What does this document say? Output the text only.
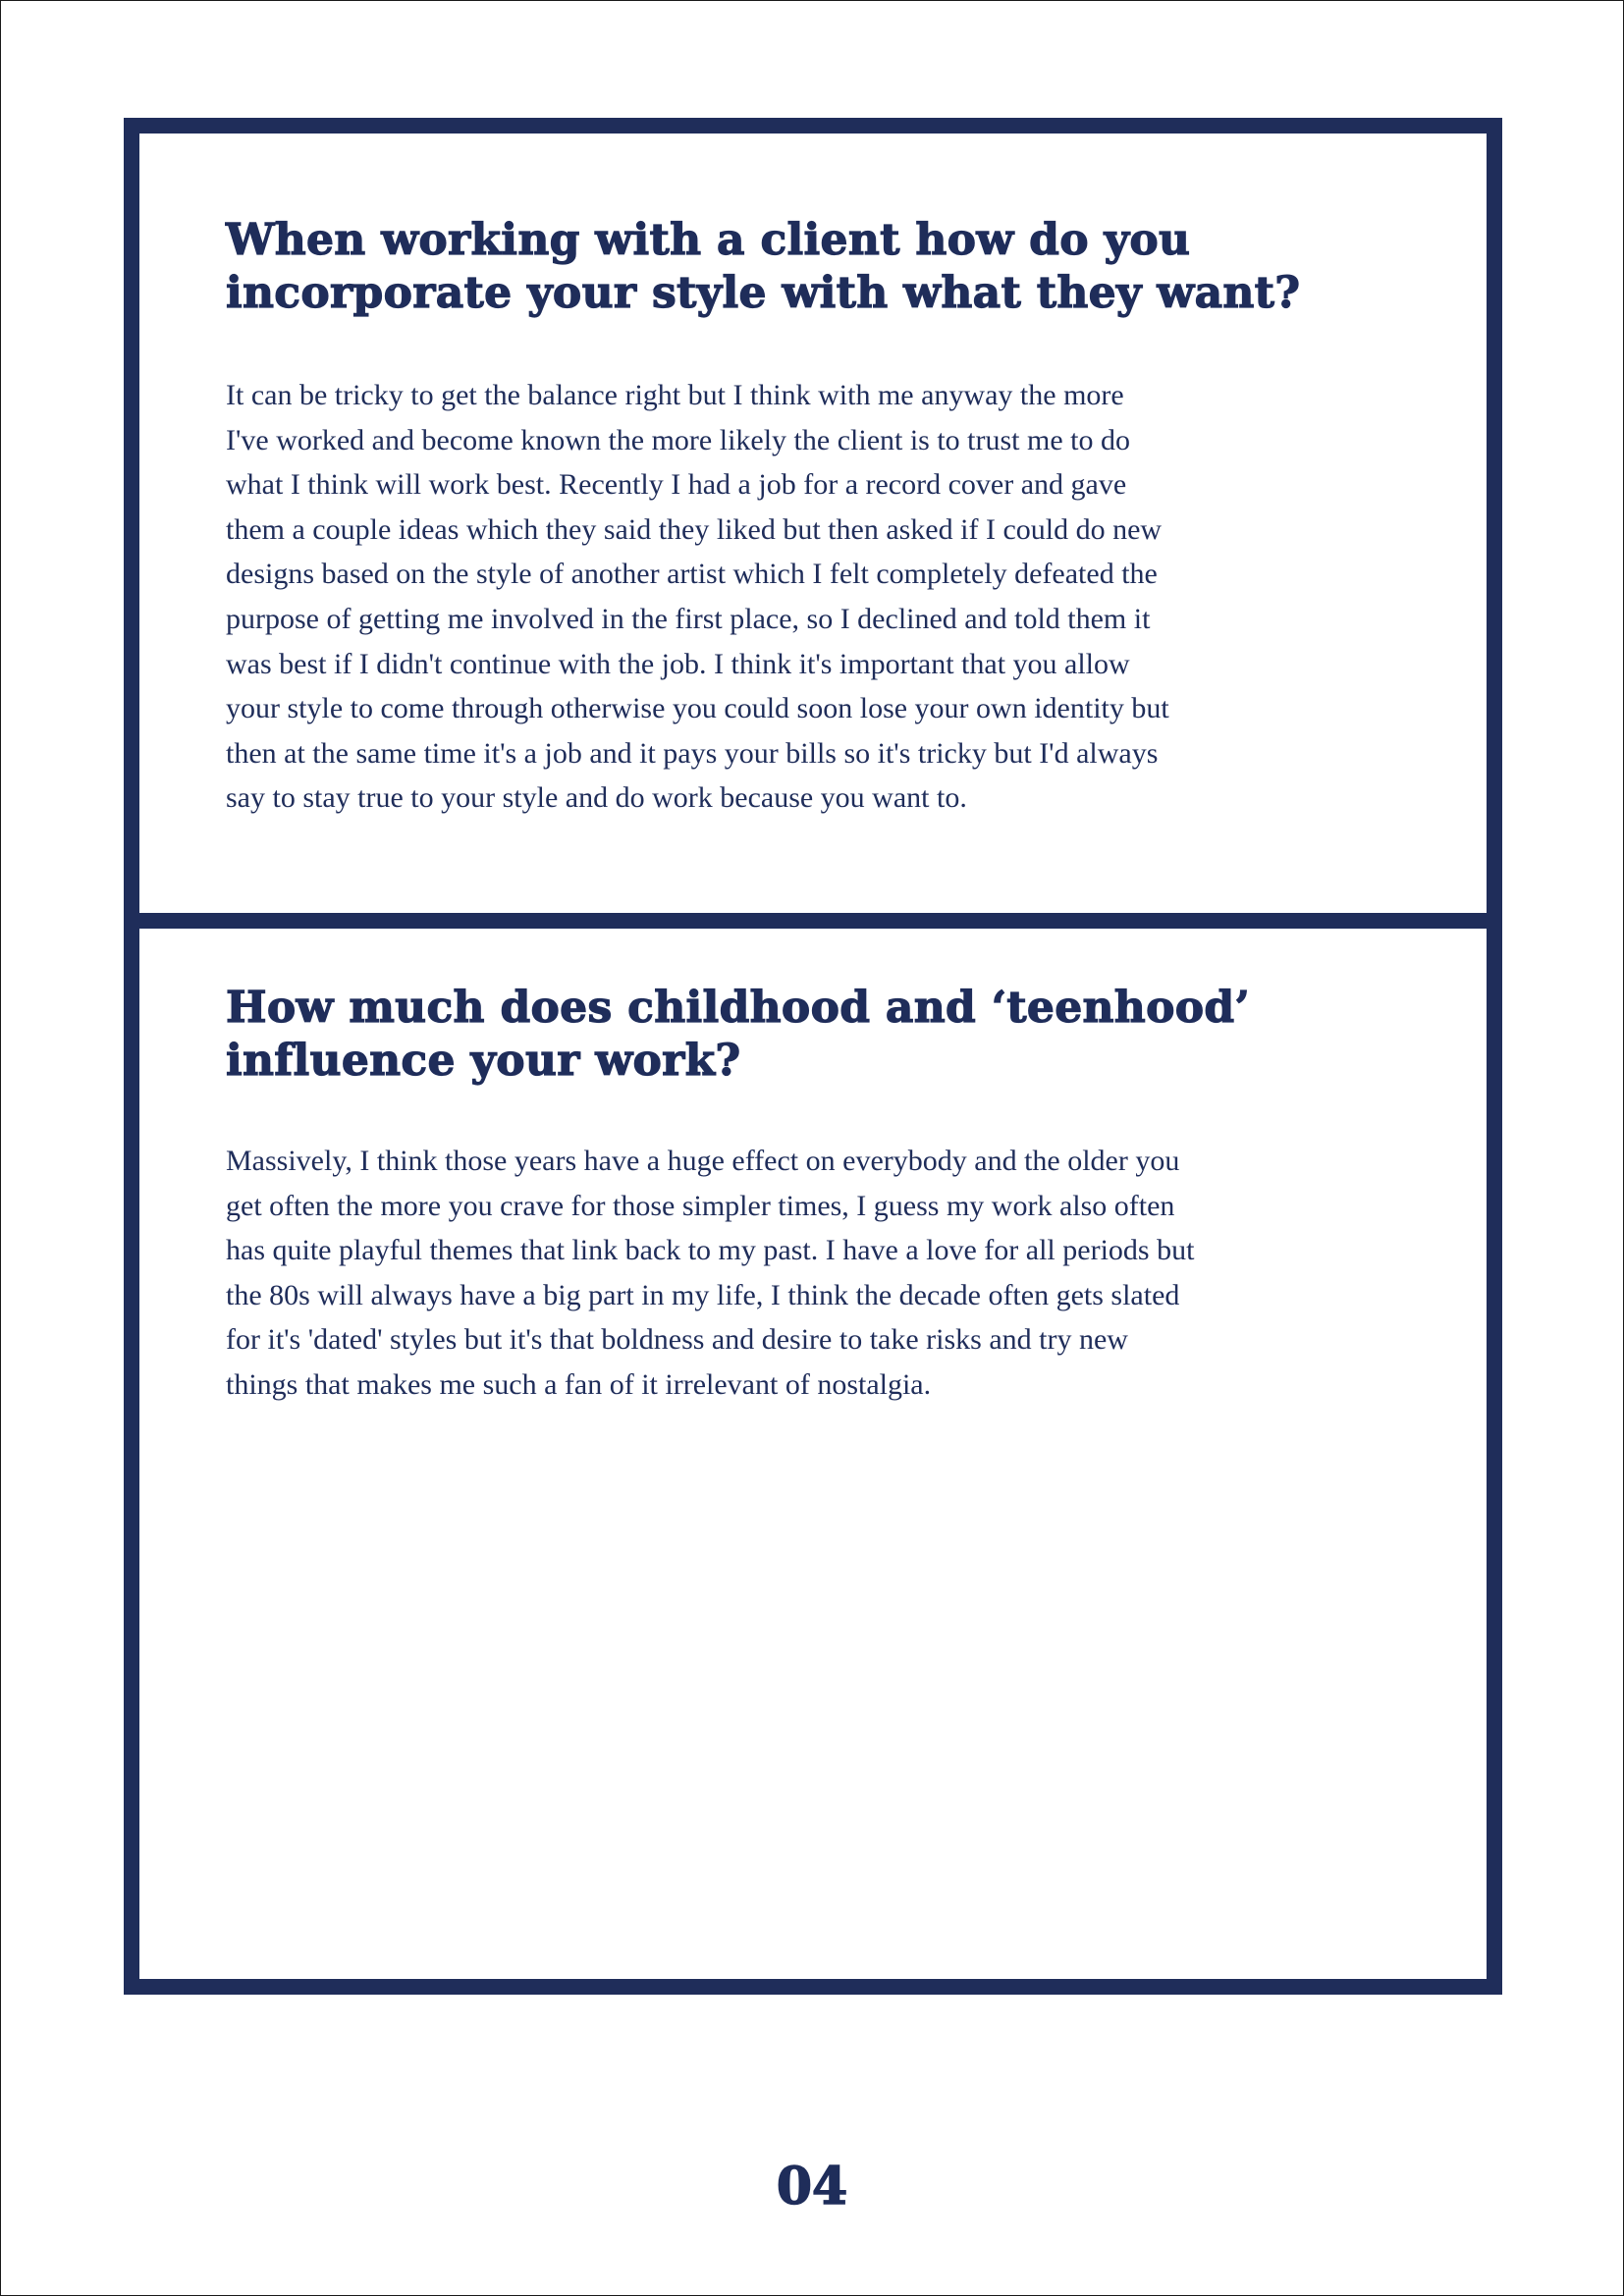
When working with a client how do you incorporate your style with what they want?

It can be tricky to get the balance right but I think with me anyway the more
I've worked and become known the more likely the client is to trust me to do
what I think will work best. Recently I had a job for a record cover and gave
them a couple ideas which they said they liked but then asked if I could do new
designs based on the style of another artist which I felt completely defeated the
purpose of getting me involved in the first place, so I declined and told them it
was best if I didn't continue with the job. I think it's important that you allow
your style to come through otherwise you could soon lose your own identity but
then at the same time it's a job and it pays your bills so it's tricky but I'd always
say to stay true to your style and do work because you want to.

How much does childhood and ‘teenhood’ influence your work?

Massively, I think those years have a huge effect on everybody and the older you
get often the more you crave for those simpler times, I guess my work also often
has quite playful themes that link back to my past. I have a love for all periods but
the 80s will always have a big part in my life, I think the decade often gets slated
for it's 'dated' styles but it's that boldness and desire to take risks and try new
things that makes me such a fan of it irrelevant of nostalgia.

04
